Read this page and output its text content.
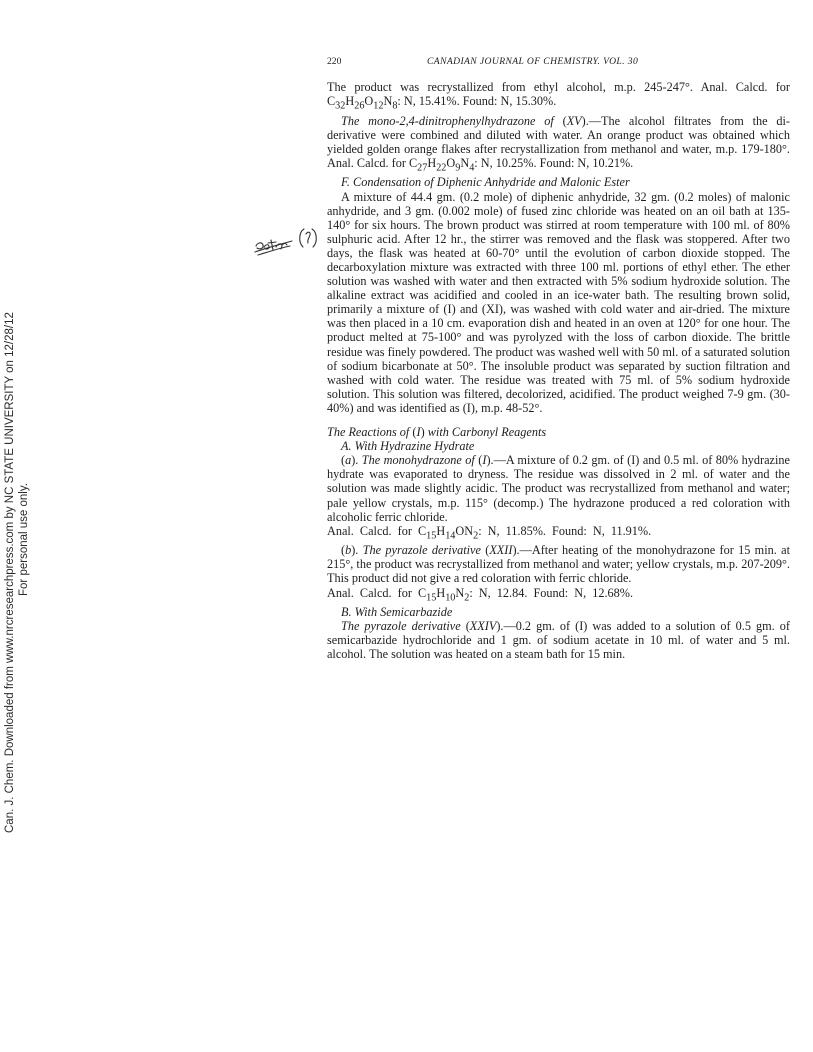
Can. J. Chem. Downloaded from www.nrcresearchpress.com by NC STATE UNIVERSITY on 12/28/12 For personal use only.
220	CANADIAN JOURNAL OF CHEMISTRY. VOL. 30

The product was recrystallized from ethyl alcohol, m.p. 245-247°. Anal. Calcd. for $C_{32}H_{26}O_{12}N_8$: N, 15.41%. Found: N, 15.30%.

The mono-2,4-dinitrophenylhydrazone of (XV).—The alcohol filtrates from the di-derivative were combined and diluted with water. An orange product was obtained which yielded golden orange flakes after recrystallization from methanol and water, m.p. 179-180°. Anal. Calcd. for $C_{27}H_{22}O_9N_4$: N, 10.25%. Found: N, 10.21%.

F. Condensation of Diphenic Anhydride and Malonic Ester

A mixture of 44.4 gm. (0.2 mole) of diphenic anhydride, 32 gm. (0.2 moles) of malonic anhydride, and 3 gm. (0.002 mole) of fused zinc chloride was heated on an oil bath at 135-140° for six hours. The brown product was stirred at room temperature with 100 ml. of 80% sulphuric acid. After 12 hr., the stirrer was removed and the flask was stoppered. After two days, the flask was heated at 60-70° until the evolution of carbon dioxide stopped. The decarboxylation mixture was extracted with three 100 ml. portions of ethyl ether. The ether solution was washed with water and then extracted with 5% sodium hydroxide solution. The alkaline extract was acidified and cooled in an ice-water bath. The resulting brown solid, primarily a mixture of (I) and (XI), was washed with cold water and air-dried. The mixture was then placed in a 10 cm. evaporation dish and heated in an oven at 120° for one hour. The product melted at 75-100° and was pyrolyzed with the loss of carbon dioxide. The brittle residue was finely powdered. The product was washed well with 50 ml. of a saturated solution of sodium bicarbonate at 50°. The insoluble product was separated by suction filtration and washed with cold water. The residue was treated with 75 ml. of 5% sodium hydroxide solution. This solution was filtered, decolorized, acidified. The product weighed 7-9 gm. (30-40%) and was identified as (I), m.p. 48-52°.

The Reactions of (I) with Carbonyl Reagents

A. With Hydrazine Hydrate

(a). The monohydrazone of (I).—A mixture of 0.2 gm. of (I) and 0.5 ml. of 80% hydrazine hydrate was evaporated to dryness. The residue was dissolved in 2 ml. of water and the solution was made slightly acidic. The product was recrystallized from methanol and water; pale yellow crystals, m.p. 115° (decomp.) The hydrazone produced a red coloration with alcoholic ferric chloride.

Anal. Calcd. for $C_{15}H_{14}ON_2$: N, 11.85%. Found: N, 11.91%.

(b). The pyrazole derivative (XXII).—After heating of the monohydrazone for 15 min. at 215°, the product was recrystallized from methanol and water; yellow crystals, m.p. 207-209°. This product did not give a red coloration with ferric chloride.

Anal. Calcd. for $C_{15}H_{10}N_2$: N, 12.84. Found: N, 12.68%.

B. With Semicarbazide

The pyrazole derivative (XXIV).—0.2 gm. of (I) was added to a solution of 0.5 gm. of semicarbazide hydrochloride and 1 gm. of sodium acetate in 10 ml. of water and 5 ml. alcohol. The solution was heated on a steam bath for 15 min.
